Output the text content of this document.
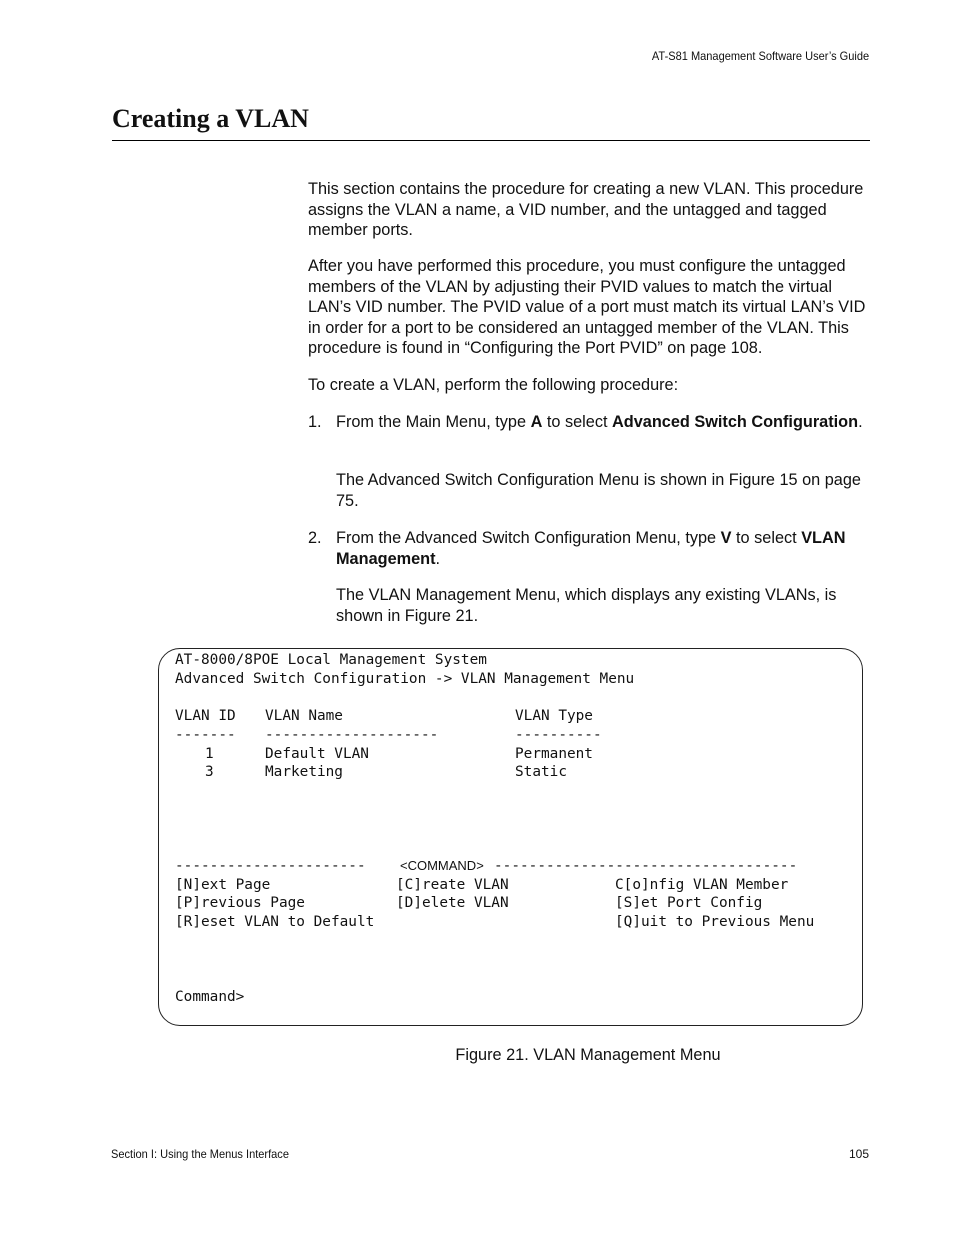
AT-S81 Management Software User’s Guide
Creating a VLAN

This section contains the procedure for creating a new VLAN. This procedure assigns the VLAN a name, a VID number, and the untagged and tagged member ports.

After you have performed this procedure, you must configure the untagged members of the VLAN by adjusting their PVID values to match the virtual LAN’s VID number. The PVID value of a port must match its virtual LAN’s VID in order for a port to be considered an untagged member of the VLAN. This procedure is found in “Configuring the Port PVID” on page 108.

To create a VLAN, perform the following procedure:

1. From the Main Menu, type A to select Advanced Switch Configuration.
The Advanced Switch Configuration Menu is shown in Figure 15 on page 75.
2. From the Advanced Switch Configuration Menu, type V to select VLAN Management.
The VLAN Management Menu, which displays any existing VLANs, is shown in Figure 21.
AT-8000/8POE Local Management System
Advanced Switch Configuration -> VLAN Management Menu
VLAN ID VLAN Name	VLAN Type
------- --------------------	----------
1	Default VLAN	Permanent
3	Marketing	Static
----------------------	<COMMAND> -----------------------------------
[N]ext Page	[C]reate VLAN	C[o]nfig VLAN Member
[P]revious Page	[D]elete VLAN	[S]et Port Config
[R]eset VLAN to Default	[Q]uit to Previous Menu
Command>
Figure 21. VLAN Management Menu
Section I: Using the Menus Interface	105
